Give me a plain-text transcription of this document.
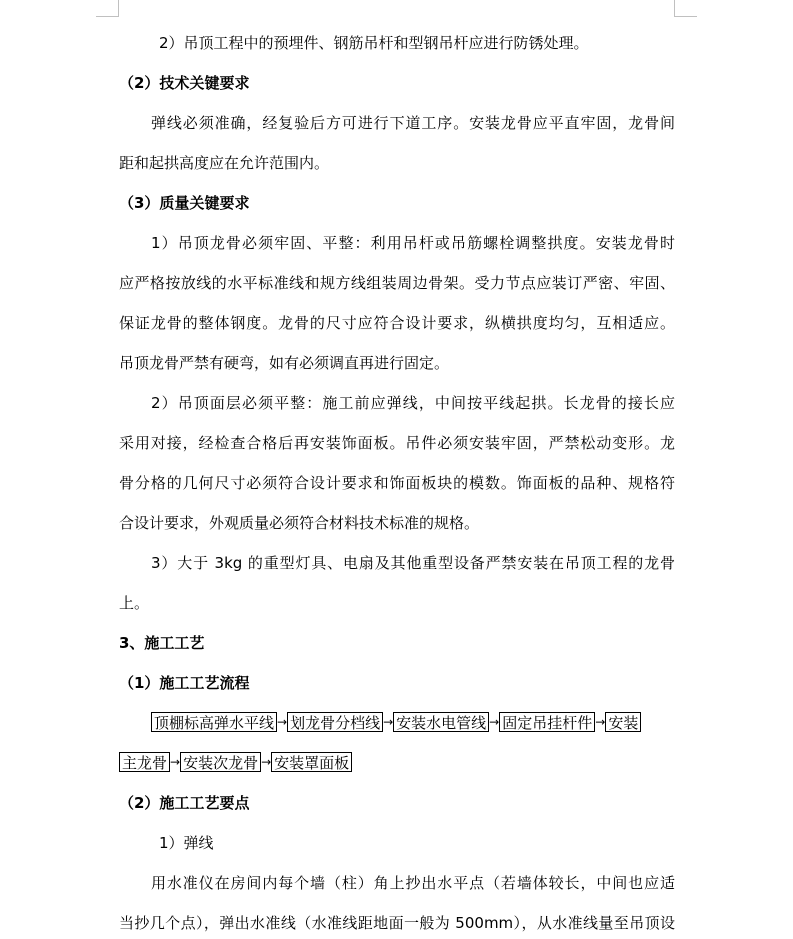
2）吊顶工程中的预埋件、钢筋吊杆和型钢吊杆应进行防锈处理。

（2）技术关键要求

弹线必须准确，经复验后方可进行下道工序。安装龙骨应平直牢固，龙骨间

距和起拱高度应在允许范围内。

（3）质量关键要求

1）吊顶龙骨必须牢固、平整：利用吊杆或吊筋螺栓调整拱度。安装龙骨时

应严格按放线的水平标准线和规方线组装周边骨架。受力节点应装订严密、牢固、

保证龙骨的整体钢度。龙骨的尺寸应符合设计要求，纵横拱度均匀，互相适应。

吊顶龙骨严禁有硬弯，如有必须调直再进行固定。

2）吊顶面层必须平整：施工前应弹线，中间按平线起拱。长龙骨的接长应

采用对接，经检查合格后再安装饰面板。吊件必须安装牢固，严禁松动变形。龙

骨分格的几何尺寸必须符合设计要求和饰面板块的模数。饰面板的品种、规格符

合设计要求，外观质量必须符合材料技术标准的规格。

3）大于 3kg 的重型灯具、电扇及其他重型设备严禁安装在吊顶工程的龙骨

上。

3、施工工艺

（1）施工工艺流程

顶棚标高弹水平线 → 划龙骨分档线 → 安装水电管线 → 固定吊挂杆件 → 安装
主龙骨 → 安装次龙骨 → 安装罩面板

（2）施工工艺要点

1）弹线

用水准仪在房间内每个墙（柱）角上抄出水平点（若墙体较长，中间也应适

当抄几个点），弹出水准线（水准线距地面一般为 500mm），从水准线量至吊顶设
